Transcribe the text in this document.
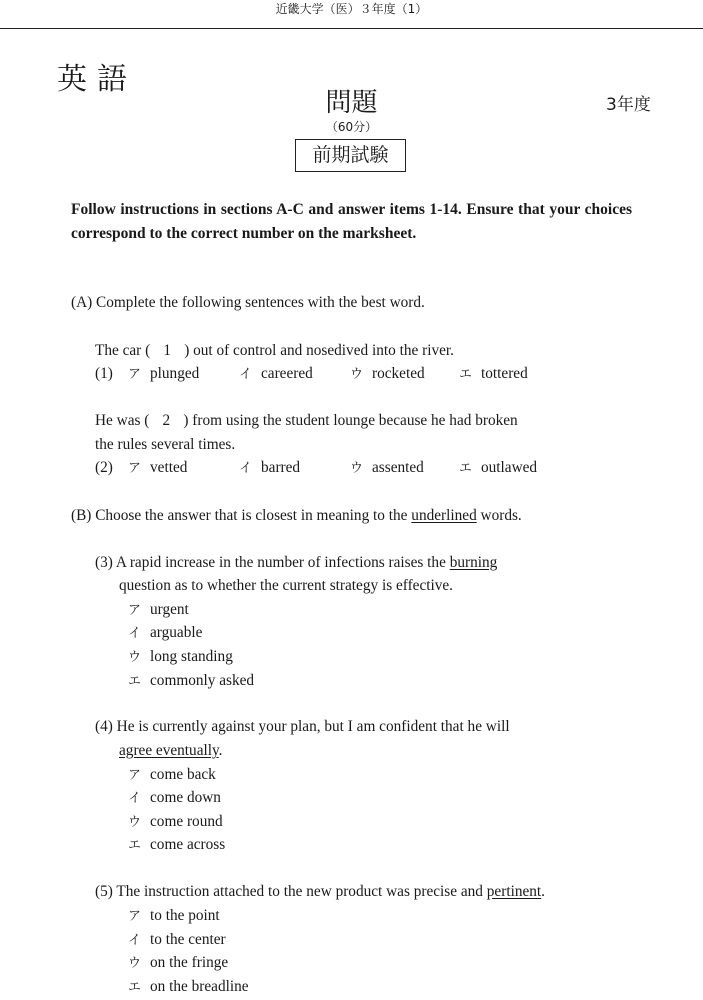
近畿大学（医）３年度（1）
英語
問題	3年度
（60分）
前期試験
Follow instructions in sections A-C and answer items 1-14. Ensure that your choices correspond to the correct number on the marksheet.
(A) Complete the following sentences with the best word.
The car ( 1 ) out of control and nosedived into the river.
(1) ア plunged	イ careered	ウ rocketed	エ tottered
He was ( 2 ) from using the student lounge because he had broken
the rules several times.
(2) ア vetted	イ barred	ウ assented	エ outlawed
(B) Choose the answer that is closest in meaning to the underlined words.
(3) A rapid increase in the number of infections raises the burning
question as to whether the current strategy is effective.
ア urgent
イ arguable
ウ long standing
エ commonly asked
(4) He is currently against your plan, but I am confident that he will
agree eventually.
ア come back
イ come down
ウ come round
エ come across
(5) The instruction attached to the new product was precise and pertinent.
ア to the point
イ to the center
ウ on the fringe
エ on the breadline
